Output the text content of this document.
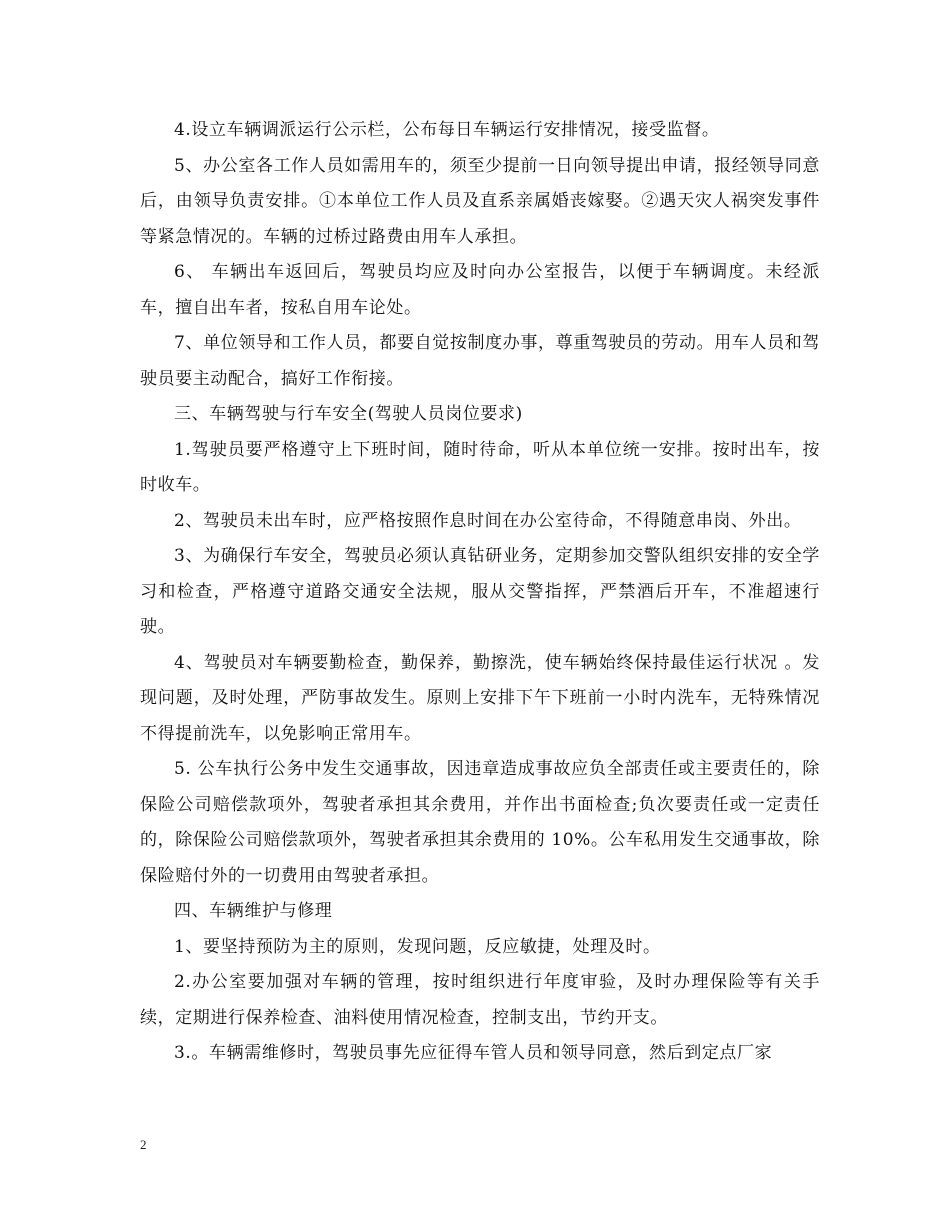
4.设立车辆调派运行公示栏，公布每日车辆运行安排情况，接受监督。

5、办公室各工作人员如需用车的，须至少提前一日向领导提出申请，报经领导同意后，由领导负责安排。①本单位工作人员及直系亲属婚丧嫁娶。②遇天灾人祸突发事件等紧急情况的。车辆的过桥过路费由用车人承担。

6、 车辆出车返回后，驾驶员均应及时向办公室报告，以便于车辆调度。未经派车，擅自出车者，按私自用车论处。

7、单位领导和工作人员，都要自觉按制度办事，尊重驾驶员的劳动。用车人员和驾驶员要主动配合，搞好工作衔接。

三、车辆驾驶与行车安全(驾驶人员岗位要求)

1.驾驶员要严格遵守上下班时间，随时待命，听从本单位统一安排。按时出车，按时收车。

2、驾驶员未出车时，应严格按照作息时间在办公室待命，不得随意串岗、外出。

3、为确保行车安全，驾驶员必须认真钻研业务，定期参加交警队组织安排的安全学习和检查，严格遵守道路交通安全法规，服从交警指挥，严禁酒后开车，不准超速行驶。

4、驾驶员对车辆要勤检查，勤保养，勤擦洗，使车辆始终保持最佳运行状况 。发现问题，及时处理，严防事故发生。原则上安排下午下班前一小时内洗车，无特殊情况不得提前洗车，以免影响正常用车。

5. 公车执行公务中发生交通事故，因违章造成事故应负全部责任或主要责任的，除保险公司赔偿款项外，驾驶者承担其余费用，并作出书面检查;负次要责任或一定责任的，除保险公司赔偿款项外，驾驶者承担其余费用的 10%。公车私用发生交通事故，除保险赔付外的一切费用由驾驶者承担。

四、车辆维护与修理

1、要坚持预防为主的原则，发现问题，反应敏捷，处理及时。

2.办公室要加强对车辆的管理，按时组织进行年度审验，及时办理保险等有关手续，定期进行保养检查、油料使用情况检查，控制支出，节约开支。

3.。车辆需维修时，驾驶员事先应征得车管人员和领导同意，然后到定点厂家

2
